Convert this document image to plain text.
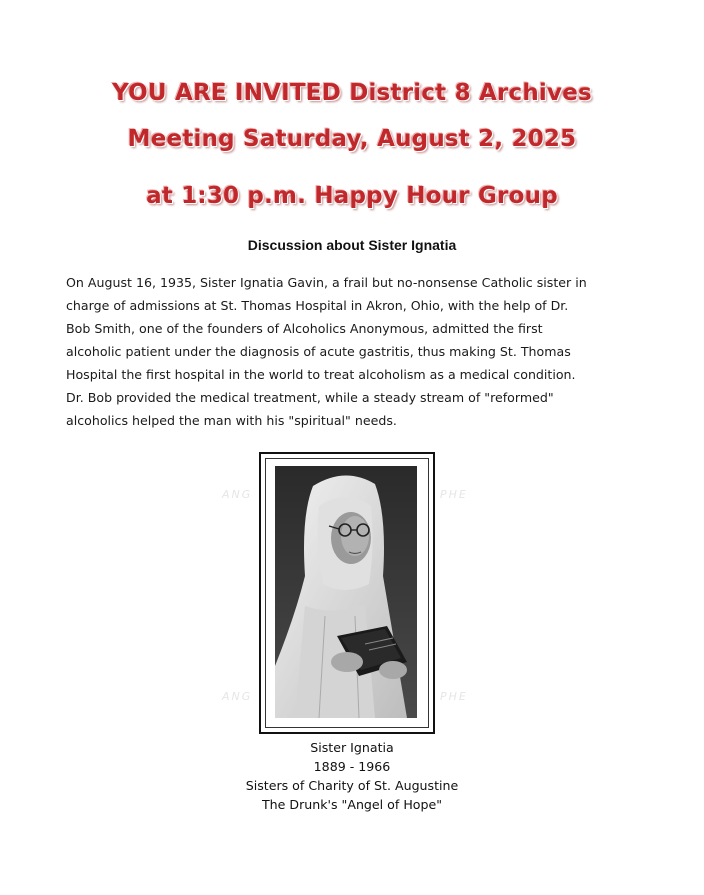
YOU ARE INVITED District 8 Archives
Meeting Saturday, August 2, 2025
at 1:30 p.m. Happy Hour Group
Discussion about Sister Ignatia
On August 16, 1935, Sister Ignatia Gavin, a frail but no-nonsense Catholic sister in
charge of admissions at St. Thomas Hospital in Akron, Ohio, with the help of Dr.
Bob Smith, one of the founders of Alcoholics Anonymous, admitted the first
alcoholic patient under the diagnosis of acute gastritis, thus making St. Thomas
Hospital the first hospital in the world to treat alcoholism as a medical condition.
Dr. Bob provided the medical treatment, while a steady stream of "reformed"
alcoholics helped the man with his "spiritual" needs.
ANG	PHE
ANG	PHE
Sister Ignatia
1889 - 1966
Sisters of Charity of St. Augustine
The Drunk's "Angel of Hope"
